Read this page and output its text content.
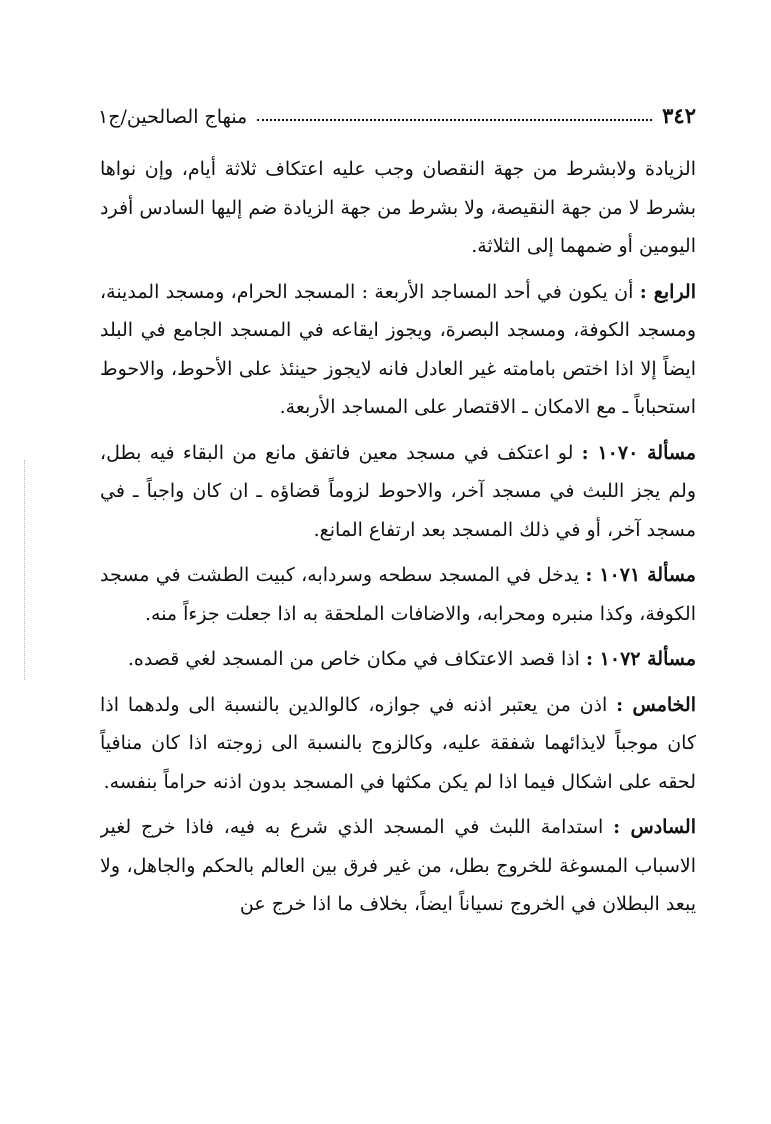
٣٤٢
منهاج الصالحين/ج١

الزيادة ولابشرط من جهة النقصان وجب عليه اعتكاف ثلاثة أيام، وإن نواها بشرط لا من جهة النقيصة، ولا بشرط من جهة الزيادة ضم إليها السادس أفرد اليومين أو ضمهما إلى الثلاثة.

الرابع : أن يكون في أحد المساجد الأربعة : المسجد الحرام، ومسجد المدينة، ومسجد الكوفة، ومسجد البصرة، ويجوز ايقاعه في المسجد الجامع في البلد ايضاً إلا اذا اختص بامامته غير العادل فانه لايجوز حينئذ على الأحوط، والاحوط استحباباً ـ مع الامكان ـ الاقتصار على المساجد الأربعة.

مسألة ١٠٧٠ : لو اعتكف في مسجد معين فاتفق مانع من البقاء فيه بطل، ولم يجز اللبث في مسجد آخر، والاحوط لزوماً قضاؤه ـ ان كان واجباً ـ في مسجد آخر، أو في ذلك المسجد بعد ارتفاع المانع.

مسألة ١٠٧١ : يدخل في المسجد سطحه وسردابه، كبيت الطشت في مسجد الكوفة، وكذا منبره ومحرابه، والاضافات الملحقة به اذا جعلت جزءاً منه.

مسألة ١٠٧٢ : اذا قصد الاعتكاف في مكان خاص من المسجد لغي قصده.

الخامس : اذن من يعتبر اذنه في جوازه، كالوالدين بالنسبة الى ولدهما اذا كان موجباً لايذائهما شفقة عليه، وكالزوج بالنسبة الى زوجته اذا كان منافياً لحقه على اشكال فيما اذا لم يكن مكثها في المسجد بدون اذنه حراماً بنفسه.

السادس : استدامة اللبث في المسجد الذي شرع به فيه، فاذا خرج لغير الاسباب المسوغة للخروج بطل، من غير فرق بين العالم بالحكم والجاهل، ولا يبعد البطلان في الخروج نسياناً ايضاً، بخلاف ما اذا خرج عن
